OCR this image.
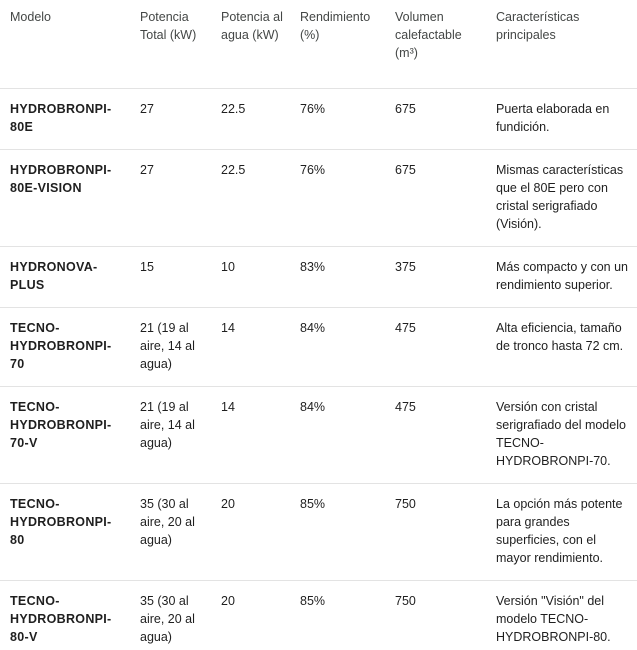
Modelo	Potencia Total (kW)	Potencia al agua (kW)	Rendimiento (%)	Volumen calefactable (m³)	Características principales
HYDROBRONPI-80E	27	22.5	76%	675	Puerta elaborada en fundición.
HYDROBRONPI-80E-VISION	27	22.5	76%	675	Mismas características que el 80E pero con cristal serigrafiado (Visión).
HYDRONOVA-PLUS	15	10	83%	375	Más compacto y con un rendimiento superior.
TECNO-HYDROBRONPI-70	21 (19 al aire, 14 al agua)	14	84%	475	Alta eficiencia, tamaño de tronco hasta 72 cm.
TECNO-HYDROBRONPI-70-V	21 (19 al aire, 14 al agua)	14	84%	475	Versión con cristal serigrafiado del modelo TECNO-HYDROBRONPI-70.
TECNO-HYDROBRONPI-80	35 (30 al aire, 20 al agua)	20	85%	750	La opción más potente para grandes superficies, con el mayor rendimiento.
TECNO-HYDROBRONPI-80-V	35 (30 al aire, 20 al agua)	20	85%	750	Versión "Visión" del modelo TECNO-HYDROBRONPI-80.
